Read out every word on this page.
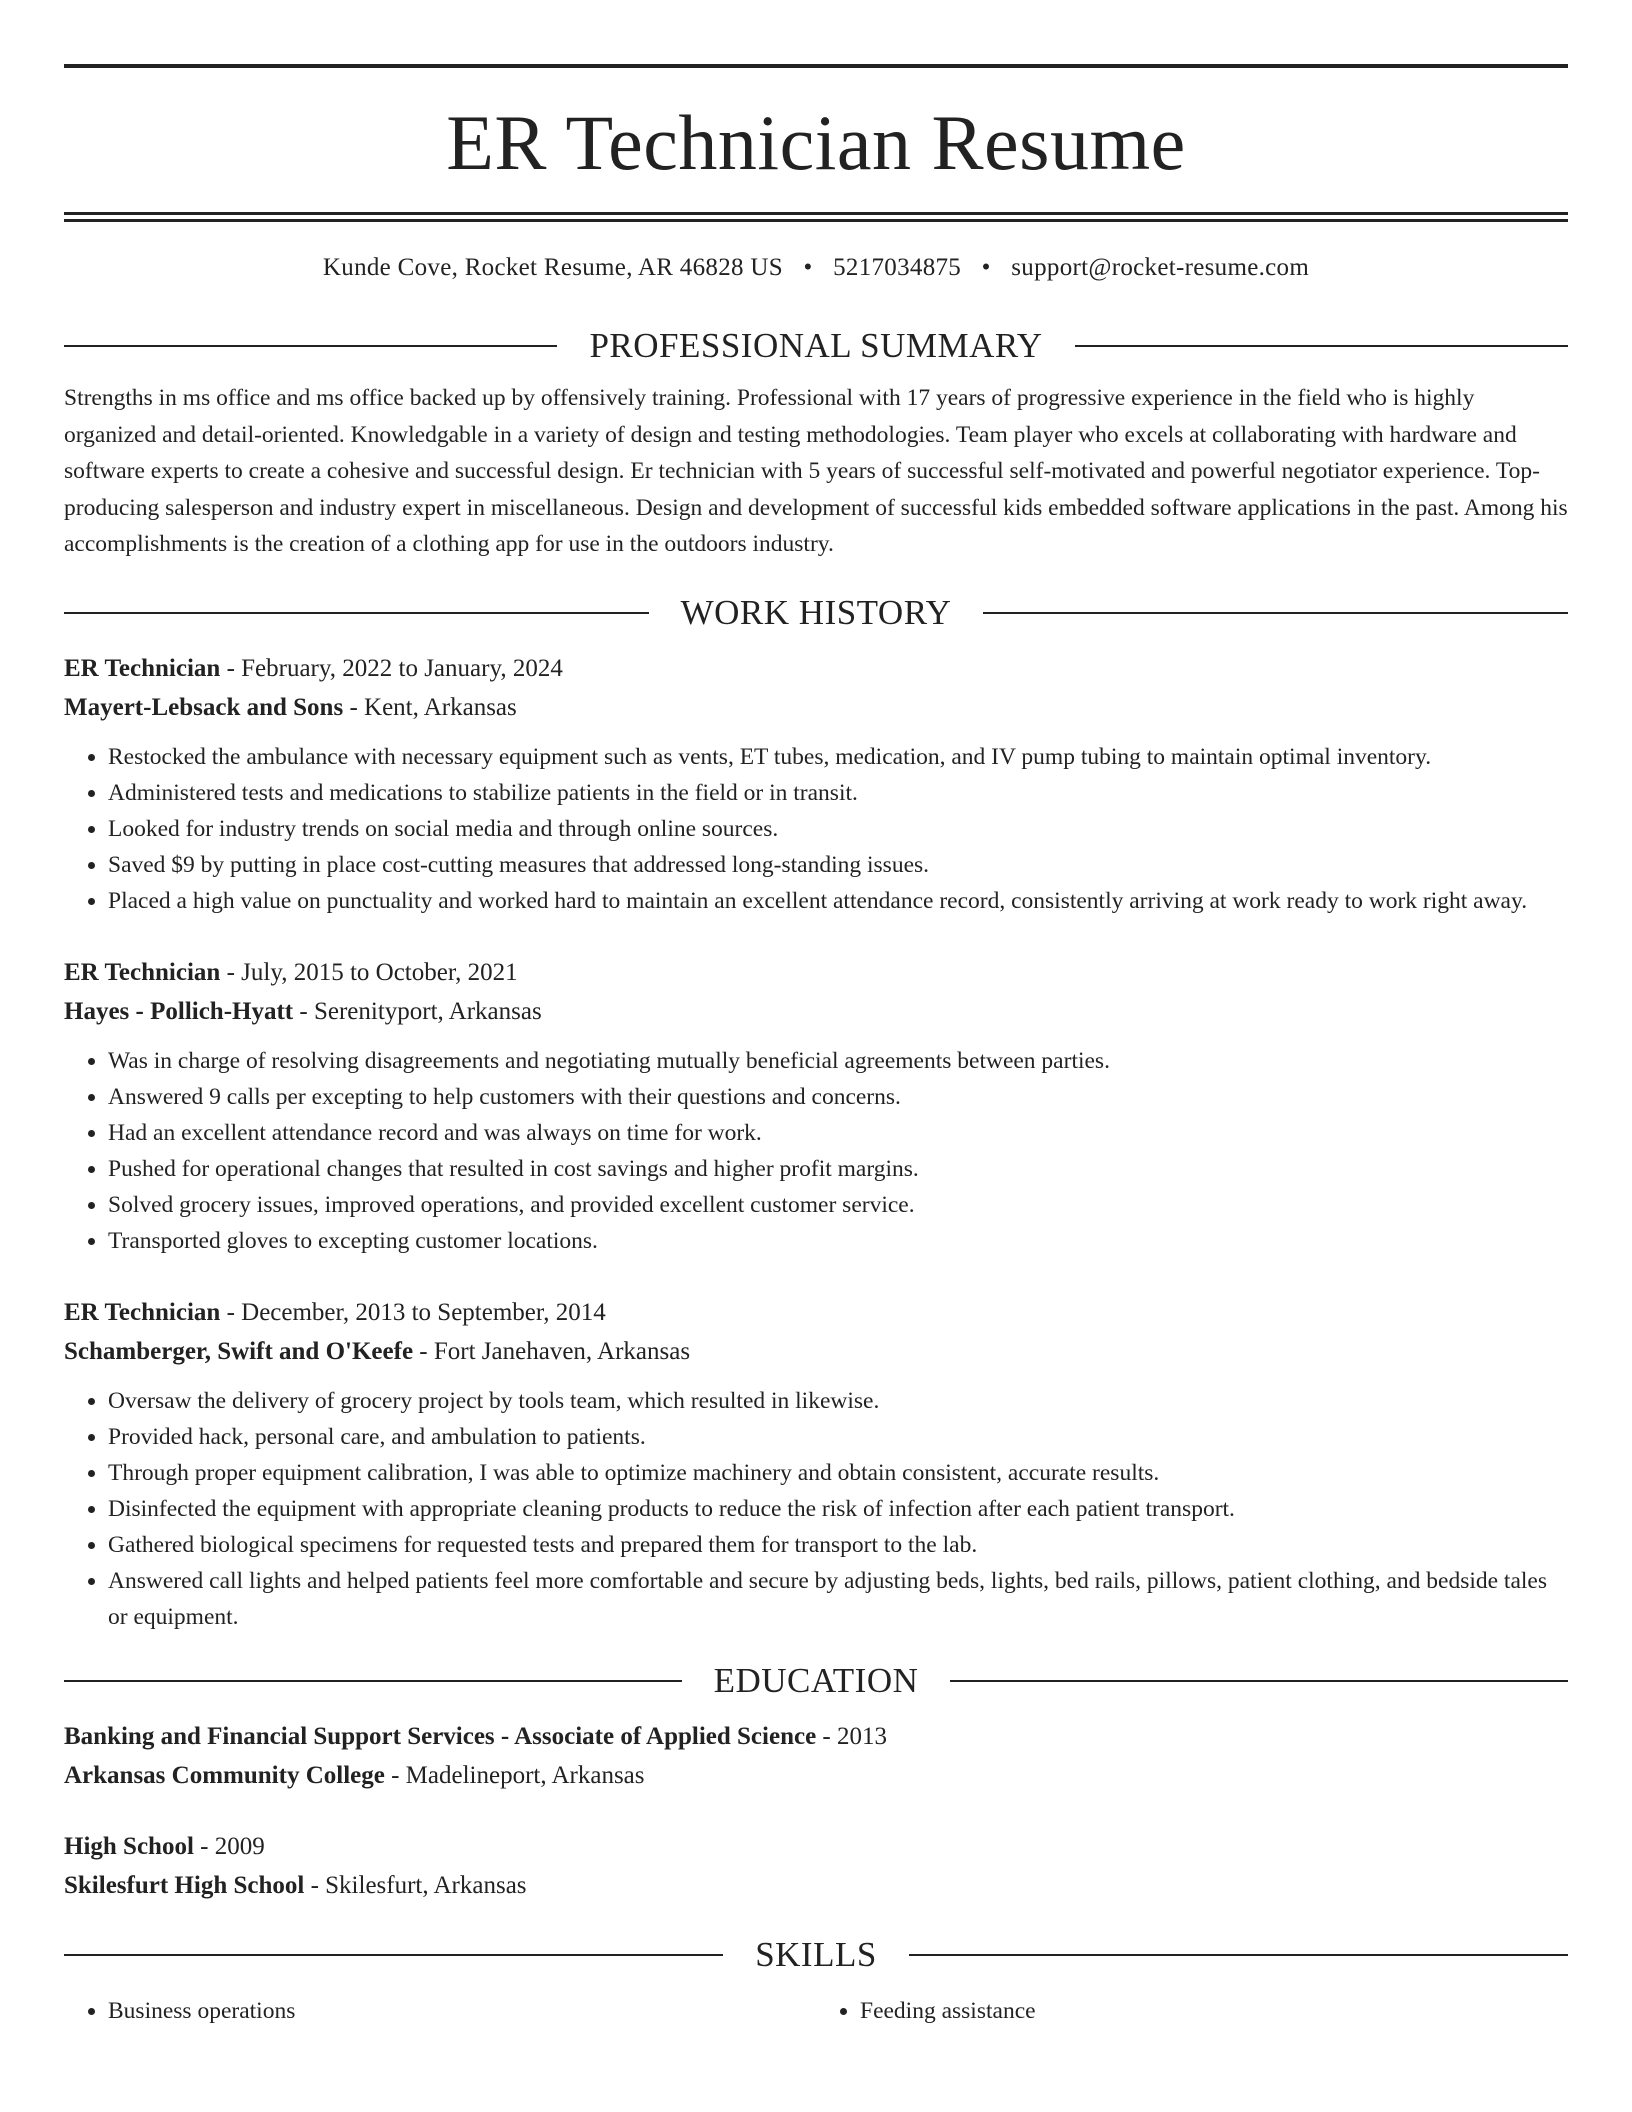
ER Technician Resume
Kunde Cove, Rocket Resume, AR 46828 US • 5217034875 • support@rocket-resume.com
PROFESSIONAL SUMMARY

Strengths in ms office and ms office backed up by offensively training. Professional with 17 years of progressive experience in the field who is highly organized and detail-oriented. Knowledgable in a variety of design and testing methodologies. Team player who excels at collaborating with hardware and software experts to create a cohesive and successful design. Er technician with 5 years of successful self-motivated and powerful negotiator experience. Top-producing salesperson and industry expert in miscellaneous. Design and development of successful kids embedded software applications in the past. Among his accomplishments is the creation of a clothing app for use in the outdoors industry.

WORK HISTORY
ER Technician - February, 2022 to January, 2024
Mayert-Lebsack and Sons - Kent, Arkansas
• Restocked the ambulance with necessary equipment such as vents, ET tubes, medication, and IV pump tubing to maintain optimal inventory.
• Administered tests and medications to stabilize patients in the field or in transit.
• Looked for industry trends on social media and through online sources.
• Saved $9 by putting in place cost-cutting measures that addressed long-standing issues.
• Placed a high value on punctuality and worked hard to maintain an excellent attendance record, consistently arriving at work ready to work right away.
ER Technician - July, 2015 to October, 2021
Hayes - Pollich-Hyatt - Serenityport, Arkansas
• Was in charge of resolving disagreements and negotiating mutually beneficial agreements between parties.
• Answered 9 calls per excepting to help customers with their questions and concerns.
• Had an excellent attendance record and was always on time for work.
• Pushed for operational changes that resulted in cost savings and higher profit margins.
• Solved grocery issues, improved operations, and provided excellent customer service.
• Transported gloves to excepting customer locations.
ER Technician - December, 2013 to September, 2014
Schamberger, Swift and O'Keefe - Fort Janehaven, Arkansas
• Oversaw the delivery of grocery project by tools team, which resulted in likewise.
• Provided hack, personal care, and ambulation to patients.
• Through proper equipment calibration, I was able to optimize machinery and obtain consistent, accurate results.
• Disinfected the equipment with appropriate cleaning products to reduce the risk of infection after each patient transport.
• Gathered biological specimens for requested tests and prepared them for transport to the lab.
• Answered call lights and helped patients feel more comfortable and secure by adjusting beds, lights, bed rails, pillows, patient clothing, and bedside tales or equipment.
EDUCATION
Banking and Financial Support Services - Associate of Applied Science - 2013
Arkansas Community College - Madelineport, Arkansas
High School - 2009
Skilesfurt High School - Skilesfurt, Arkansas
SKILLS
• Business operations
•	Feeding assistance
